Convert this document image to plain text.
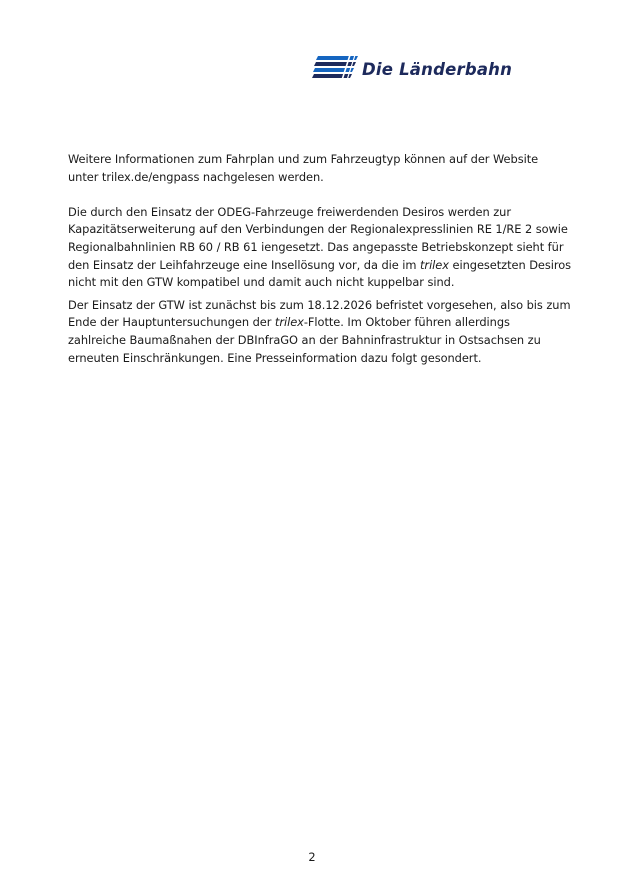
Die Länderbahn

Weitere Informationen zum Fahrplan und zum Fahrzeugtyp können auf der Website
unter trilex.de/engpass nachgelesen werden.

Die durch den Einsatz der ODEG-Fahrzeuge freiwerdenden Desiros werden zur
Kapazitätserweiterung auf den Verbindungen der Regionalexpresslinien RE 1/RE 2 sowie
Regionalbahnlinien RB 60 / RB 61 iengesetzt. Das angepasste Betriebskonzept sieht für
den Einsatz der Leihfahrzeuge eine Insellösung vor, da die im trilex eingesetzten Desiros
nicht mit den GTW kompatibel und damit auch nicht kuppelbar sind.

Der Einsatz der GTW ist zunächst bis zum 18.12.2026 befristet vorgesehen, also bis zum
Ende der Hauptuntersuchungen der trilex-Flotte. Im Oktober führen allerdings
zahlreiche Baumaßnahen der DBInfraGO an der Bahninfrastruktur in Ostsachsen zu
erneuten Einschränkungen. Eine Presseinformation dazu folgt gesondert.

2
